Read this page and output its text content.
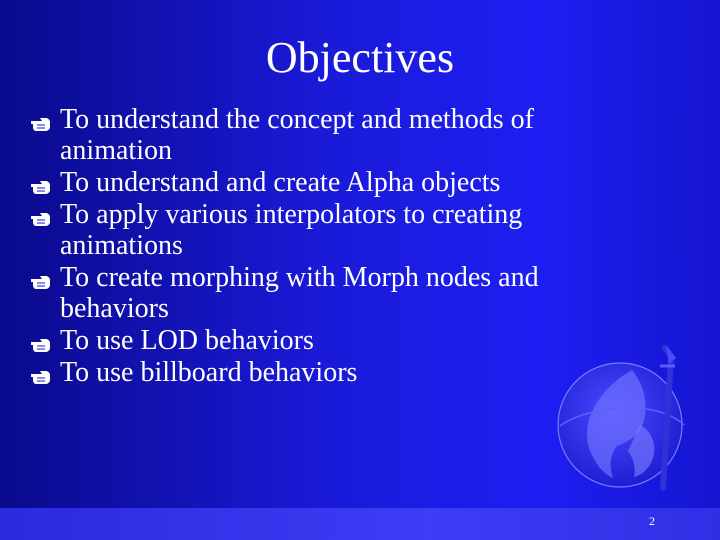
Objectives
To understand the concept and methods of animation
To understand and create Alpha objects
To apply various interpolators to creating animations
To create morphing with Morph nodes and behaviors
To use LOD behaviors
To use billboard behaviors
2
